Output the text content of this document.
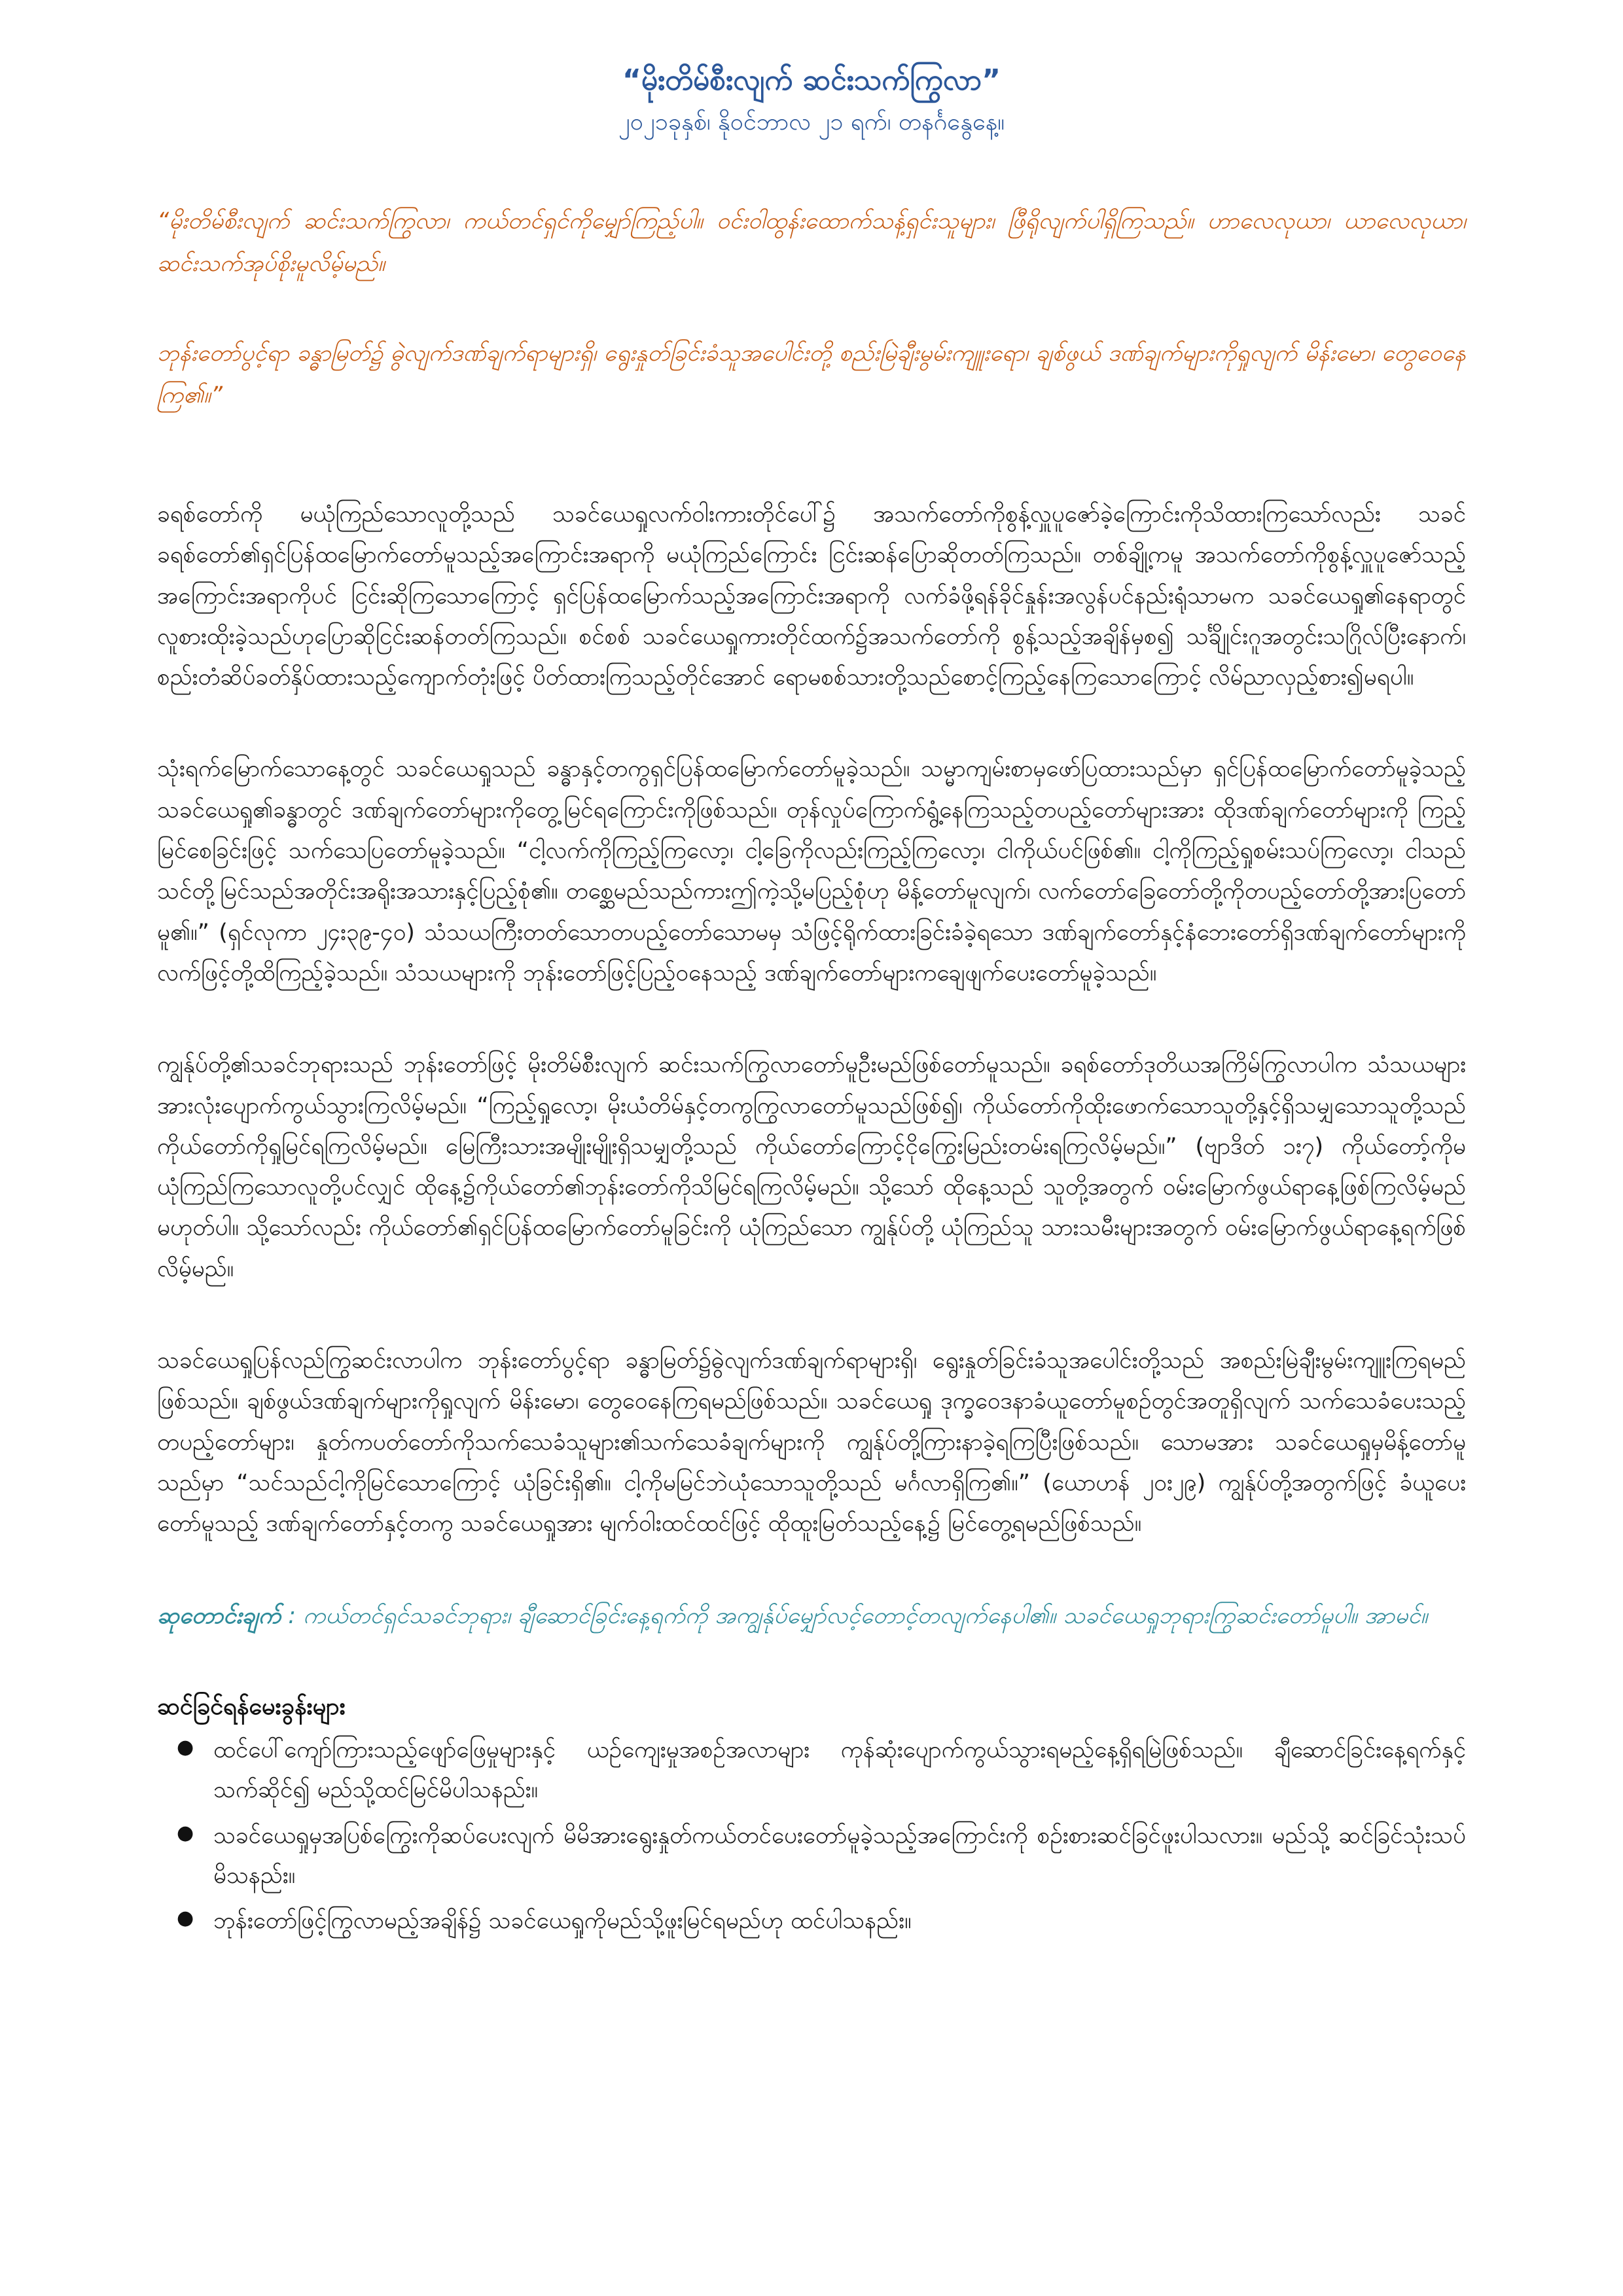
“မိုးတိမ်စီးလျက် ဆင်းသက်ကြွလာ”

၂၀၂၁ခုနှစ်၊ နိုဝင်ဘာလ ၂၁ ရက်၊ တနင်္ဂနွေနေ့။

“မိုးတိမ်စီးလျက် ဆင်းသက်ကြွလာ၊ ကယ်တင်ရှင်ကိုမျှော်ကြည့်ပါ။ ဝင်းဝါထွန်းထောက်သန့်ရှင်းသူများ၊ ဖြီရိုလျက်ပါရှိကြသည်။ ဟာလေလုယာ၊ ယာလေလုယာ၊ ဆင်းသက်အုပ်စိုးမူလိမ့်မည်။

ဘုန်းတော်ပွင့်ရာ ခန္ဓာမြတ်၌ ဓွဲလျက်ဒဏ်ချက်ရာများရှိ၊ ရွေးနှုတ်ခြင်းခံသူအပေါင်းတို့ စည်းမြဲချီးမွမ်းကျူးရော၊ ချစ်ဖွယ် ဒဏ်ချက်များကိုရှုလျက် မိန်းမော၊ တွေဝေနေကြ၏။”

ခရစ်တော်ကို မယုံကြည်သောလူတို့သည် သခင်ယေရှုလက်ဝါးကားတိုင်ပေါ်၌ အသက်တော်ကိုစွန့်လှူပူဇော်ခဲ့ကြောင်းကိုသိထားကြသော်လည်း သခင်ခရစ်တော်၏ရှင်ပြန်ထမြောက်တော်မူသည့်အကြောင်းအရာကို မယုံကြည်ကြောင်း ငြင်းဆန်ပြောဆိုတတ်ကြသည်။ တစ်ချို့ကမူ အသက်တော်ကိုစွန့်လှူပူဇော်သည့်အကြောင်းအရာကိုပင် ငြင်းဆိုကြသောကြောင့် ရှင်ပြန်ထမြောက်သည့်အကြောင်းအရာကို လက်ခံဖို့ရန်ခိုင်နှုန်းအလွန်ပင်နည်းရုံသာမက သခင်ယေရှု၏နေရာတွင် လူစားထိုးခဲ့သည်ဟုပြောဆိုငြင်းဆန်တတ်ကြသည်။ စင်စစ် သခင်ယေရှုကားတိုင်ထက်၌အသက်တော်ကို စွန့်သည့်အချိန်မှစ၍ သင်္ချိုင်းဂူအတွင်းသဂြိုလ်ပြီးနောက်၊ စည်းတံဆိပ်ခတ်နှိပ်ထားသည့်ကျောက်တုံးဖြင့် ပိတ်ထားကြသည့်တိုင်အောင် ရောမစစ်သားတို့သည်စောင့်ကြည့်နေကြသောကြောင့် လိမ်ညာလှည့်စား၍မရပါ။

သုံးရက်မြောက်သောနေ့တွင် သခင်ယေရှုသည် ခန္ဓာနှင့်တကွရှင်ပြန်ထမြောက်တော်မူခဲ့သည်။ သမ္မာကျမ်းစာမှဖော်ပြထားသည်မှာ ရှင်ပြန်ထမြောက်တော်မူခဲ့သည့် သခင်ယေရှု၏ခန္ဓာတွင် ဒဏ်ချက်တော်များကိုတွေ့မြင်ရကြောင်းကိုဖြစ်သည်။ တုန်လှုပ်ကြောက်ရွံ့နေကြသည့်တပည့်တော်များအား ထိုဒဏ်ချက်တော်များကို ကြည့်မြင်စေခြင်းဖြင့် သက်သေပြတော်မူခဲ့သည်။ “ငါ့လက်ကိုကြည့်ကြလော့၊ ငါ့ခြေကိုလည်းကြည့်ကြလော့၊ ငါကိုယ်ပင်ဖြစ်၏။ ငါ့ကိုကြည့်ရှုစမ်းသပ်ကြလော့၊ ငါသည်သင်တို့မြင်သည်အတိုင်းအရိုးအသားနှင့်ပြည့်စုံ၏။ တစ္ဆေမည်သည်ကားဤကဲ့သို့မပြည့်စုံဟု မိန့်တော်မူလျက်၊ လက်တော်ခြေတော်တို့ကိုတပည့်တော်တို့အားပြတော်မူ၏။” (ရှင်လုကာ ၂၄း၃၉-၄၀) သံသယကြီးတတ်သောတပည့်တော်သောမမှ သံဖြင့်ရိုက်ထားခြင်းခံခဲ့ရသော ဒဏ်ချက်တော်နှင့်နံဘေးတော်ရှိဒဏ်ချက်တော်များကို လက်ဖြင့်တို့ထိကြည့်ခဲ့သည်။ သံသယများကို ဘုန်းတော်ဖြင့်ပြည့်ဝနေသည့် ဒဏ်ချက်တော်များကချေဖျက်ပေးတော်မူခဲ့သည်။

ကျွန်ုပ်တို့၏သခင်ဘုရားသည် ဘုန်းတော်ဖြင့် မိုးတိမ်စီးလျက် ဆင်းသက်ကြွလာတော်မူဦးမည်ဖြစ်တော်မူသည်။ ခရစ်တော်ဒုတိယအကြိမ်ကြွလာပါက သံသယများအားလုံးပျောက်ကွယ်သွားကြလိမ့်မည်။ “ကြည့်ရှုလော့၊ မိုးယံတိမ်နှင့်တကွကြွလာတော်မူသည်ဖြစ်၍၊ ကိုယ်တော်ကိုထိုးဖောက်သောသူတို့နှင့်ရှိသမျှသောသူတို့သည် ကိုယ်တော်ကိုရှုမြင်ရကြလိမ့်မည်။ မြေကြီးသားအမျိုးမျိုးရှိသမျှတို့သည် ကိုယ်တော်ကြောင့်ငိုကြွေးမြည်းတမ်းရကြလိမ့်မည်။” (ဗျာဒိတ် ၁း၇) ကိုယ်တော့်ကိုမယုံကြည်ကြသောလူတို့ပင်လျှင် ထိုနေ့၌ကိုယ်တော်၏ဘုန်းတော်ကိုသိမြင်ရကြလိမ့်မည်။ သို့သော် ထိုနေ့သည် သူတို့အတွက် ဝမ်းမြောက်ဖွယ်ရာနေ့ဖြစ်ကြလိမ့်မည်မဟုတ်ပါ။ သို့သော်လည်း ကိုယ်တော်၏ရှင်ပြန်ထမြောက်တော်မူခြင်းကို ယုံကြည်သော ကျွန်ုပ်တို့ ယုံကြည်သူ သားသမီးများအတွက် ဝမ်းမြောက်ဖွယ်ရာနေ့ရက်ဖြစ်လိမ့်မည်။

သခင်ယေရှုပြန်လည်ကြွဆင်းလာပါက ဘုန်းတော်ပွင့်ရာ ခန္ဓာမြတ်၌ဓွဲလျက်ဒဏ်ချက်ရာများရှိ၊ ရွေးနှုတ်ခြင်းခံသူအပေါင်းတို့သည် အစည်းမြဲချီးမွမ်းကျူးကြရမည်ဖြစ်သည်။ ချစ်ဖွယ်ဒဏ်ချက်များကိုရှုလျက် မိန်းမော၊ တွေဝေနေကြရမည်ဖြစ်သည်။ သခင်ယေရှု ဒုက္ခဝေဒနာခံယူတော်မူစဉ်တွင်အတူရှိလျက် သက်သေခံပေးသည့် တပည့်တော်များ၊ နှုတ်ကပတ်တော်ကိုသက်သေခံသူများ၏သက်သေခံချက်များကို ကျွန်ုပ်တို့ကြားနာခဲ့ရကြပြီးဖြစ်သည်။ သောမအား သခင်ယေရှုမှမိန့်တော်မူသည်မှာ “သင်သည်ငါ့ကိုမြင်သောကြောင့် ယုံခြင်းရှိ၏။ ငါ့ကိုမမြင်ဘဲယုံသောသူတို့သည် မင်္ဂလာရှိကြ၏။” (ယောဟန် ၂၀း၂၉) ကျွန်ုပ်တို့အတွက်ဖြင့် ခံယူပေးတော်မူသည့် ဒဏ်ချက်တော်နှင့်တကွ သခင်ယေရှုအား မျက်ဝါးထင်ထင်ဖြင့် ထိုထူးမြတ်သည့်နေ့၌ မြင်တွေ့ရမည်ဖြစ်သည်။

ဆုတောင်းချက် : ကယ်တင်ရှင်သခင်ဘုရား၊ ချီဆောင်ခြင်းနေ့ရက်ကို အကျွန်ုပ်မျှော်လင့်တောင့်တလျက်နေပါ၏။ သခင်ယေရှုဘုရားကြွဆင်းတော်မူပါ။ အာမင်။

ဆင်ခြင်ရန်မေးခွန်းများ
● ထင်ပေါ်ကျော်ကြားသည့်ဖျော်ဖြေမှုများနှင့် ယဉ်ကျေးမှုအစဉ်အလာများ ကုန်ဆုံးပျောက်ကွယ်သွားရမည့်နေ့ရှိရမြဲဖြစ်သည်။ ချီဆောင်ခြင်းနေ့ရက်နှင့်သက်ဆိုင်၍ မည်သို့ထင်မြင်မိပါသနည်း။
● သခင်ယေရှုမှအပြစ်ကြွေးကိုဆပ်ပေးလျက် မိမိအားရွေးနှုတ်ကယ်တင်ပေးတော်မူခဲ့သည့်အကြောင်းကို စဉ်းစားဆင်ခြင်ဖူးပါသလား။ မည်သို့ ဆင်ခြင်သုံးသပ်မိသနည်း။
● ဘုန်းတော်ဖြင့်ကြွလာမည့်အချိန်၌ သခင်ယေရှုကိုမည်သို့ဖူးမြင်ရမည်ဟု ထင်ပါသနည်း။
